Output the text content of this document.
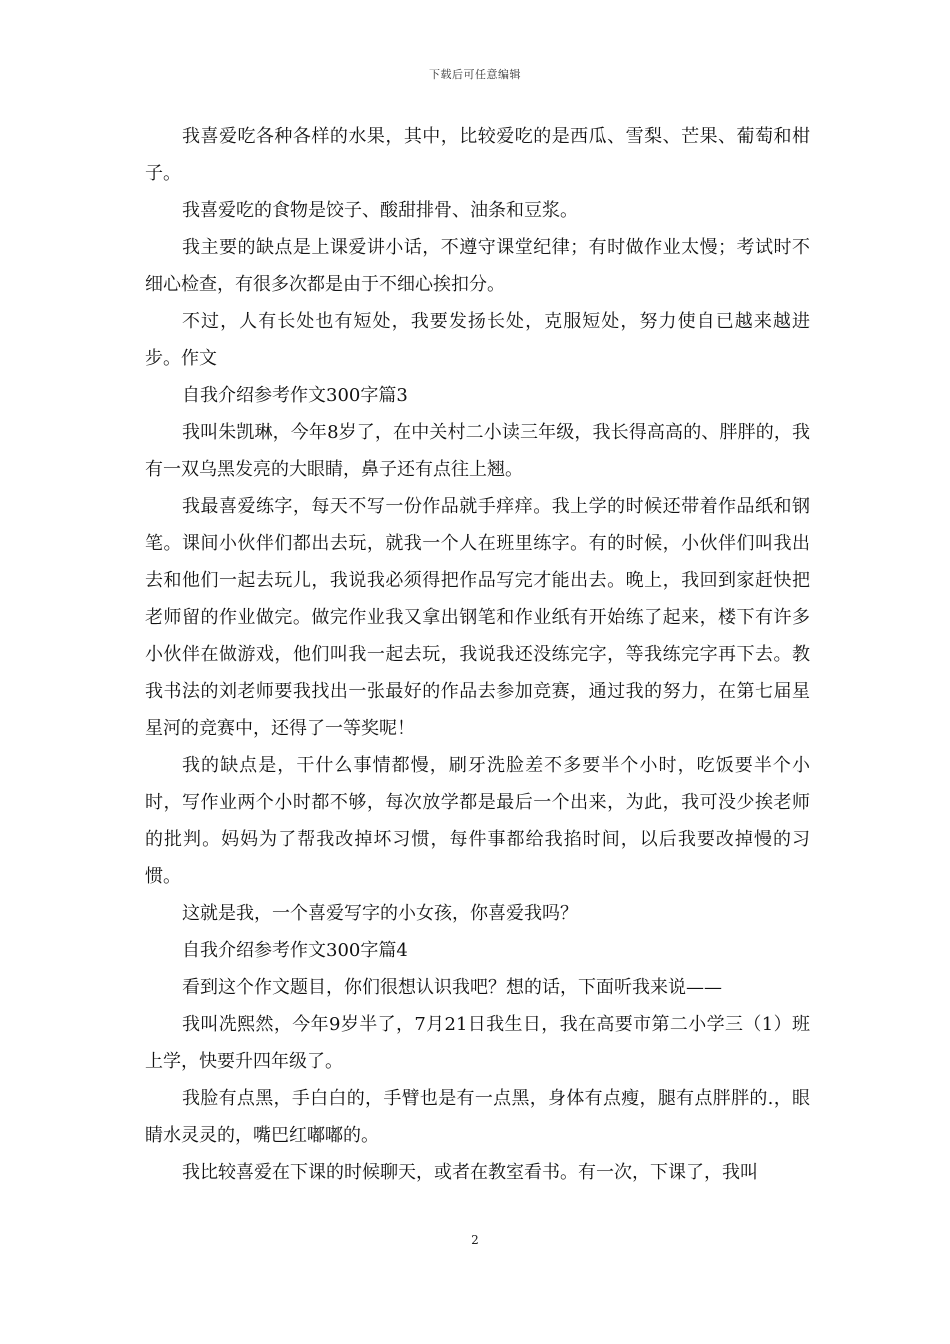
下载后可任意编辑

我喜爱吃各种各样的水果，其中，比较爱吃的是西瓜、雪梨、芒果、葡萄和柑子。

我喜爱吃的食物是饺子、酸甜排骨、油条和豆浆。

我主要的缺点是上课爱讲小话，不遵守课堂纪律；有时做作业太慢；考试时不细心检查，有很多次都是由于不细心挨扣分。

不过，人有长处也有短处，我要发扬长处，克服短处，努力使自已越来越进步。作文

自我介绍参考作文300字篇3

我叫朱凯琳，今年8岁了，在中关村二小读三年级，我长得高高的、胖胖的，我有一双乌黑发亮的大眼睛，鼻子还有点往上翘。

我最喜爱练字，每天不写一份作品就手痒痒。我上学的时候还带着作品纸和钢笔。课间小伙伴们都出去玩，就我一个人在班里练字。有的时候，小伙伴们叫我出去和他们一起去玩儿，我说我必须得把作品写完才能出去。晚上，我回到家赶快把老师留的作业做完。做完作业我又拿出钢笔和作业纸有开始练了起来，楼下有许多小伙伴在做游戏，他们叫我一起去玩，我说我还没练完字，等我练完字再下去。教我书法的刘老师要我找出一张最好的作品去参加竞赛，通过我的努力，在第七届星星河的竞赛中，还得了一等奖呢！

我的缺点是，干什么事情都慢，刷牙洗脸差不多要半个小时，吃饭要半个小时，写作业两个小时都不够，每次放学都是最后一个出来，为此，我可没少挨老师的批判。妈妈为了帮我改掉坏习惯，每件事都给我掐时间，以后我要改掉慢的习惯。

这就是我，一个喜爱写字的小女孩，你喜爱我吗？

自我介绍参考作文300字篇4

看到这个作文题目，你们很想认识我吧？想的话，下面听我来说——

我叫冼熙然，今年9岁半了，7月21日我生日，我在高要市第二小学三（1）班上学，快要升四年级了。

我脸有点黑，手白白的，手臂也是有一点黑，身体有点瘦，腿有点胖胖的.，眼睛水灵灵的，嘴巴红嘟嘟的。

我比较喜爱在下课的时候聊天，或者在教室看书。有一次，下课了，我叫

2
